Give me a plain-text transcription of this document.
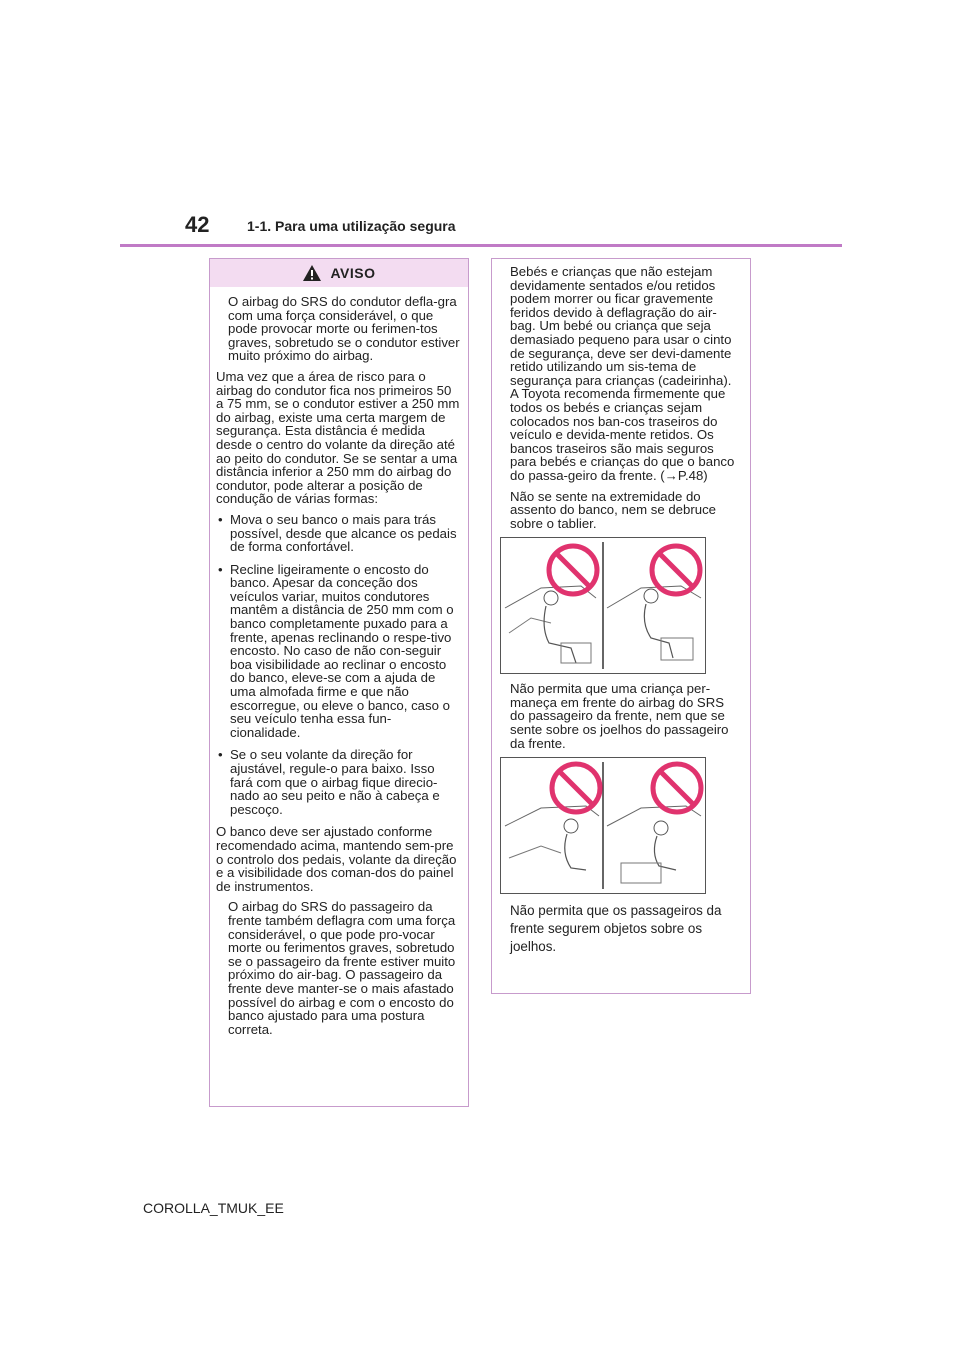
42	1-1. Para uma utilização segura
AVISO

O airbag do SRS do condutor defla-gra com uma força considerável, o que pode provocar morte ou ferimen-tos graves, sobretudo se o condutor estiver muito próximo do airbag.

Uma vez que a área de risco para o airbag do condutor fica nos primeiros 50 a 75 mm, se o condutor estiver a 250 mm do airbag, existe uma certa margem de segurança. Esta distância é medida desde o centro do volante da direção até ao peito do condutor. Se se sentar a uma distância inferior a 250 mm do airbag do condutor, pode alterar a posição de condução de várias formas:

• Mova o seu banco o mais para trás possível, desde que alcance os pedais de forma confortável.
• Recline ligeiramente o encosto do banco. Apesar da conceção dos veículos variar, muitos condutores mantêm a distância de 250 mm com o banco completamente puxado para a frente, apenas reclinando o respe-tivo encosto. No caso de não con-seguir boa visibilidade ao reclinar o encosto do banco, eleve-se com a ajuda de uma almofada firme e que não escorregue, ou eleve o banco, caso o seu veículo tenha essa fun-cionalidade.
• Se o seu volante da direção for ajustável, regule-o para baixo. Isso fará com que o airbag fique direcio-nado ao seu peito e não à cabeça e pescoço.

O banco deve ser ajustado conforme recomendado acima, mantendo sem-pre o controlo dos pedais, volante da direção e a visibilidade dos coman-dos do painel de instrumentos.

O airbag do SRS do passageiro da frente também deflagra com uma força considerável, o que pode pro-vocar morte ou ferimentos graves, sobretudo se o passageiro da frente estiver muito próximo do air-bag. O passageiro da frente deve manter-se o mais afastado possível do airbag e com o encosto do banco ajustado para uma postura correta.

Bebés e crianças que não estejam devidamente sentados e/ou retidos podem morrer ou ficar gravemente feridos devido à deflagração do air-bag. Um bebé ou criança que seja demasiado pequeno para usar o cinto de segurança, deve ser devi-damente retido utilizando um sis-tema de segurança para crianças (cadeirinha). A Toyota recomenda firmemente que todos os bebés e crianças sejam colocados nos ban-cos traseiros do veículo e devida-mente retidos. Os bancos traseiros são mais seguros para bebés e crianças do que o banco do passa-geiro da frente. (→P.48)

Não se sente na extremidade do assento do banco, nem se debruce sobre o tablier.

Não permita que uma criança per-maneça em frente do airbag do SRS do passageiro da frente, nem que se sente sobre os joelhos do passageiro da frente.

Não permita que os passageiros da frente segurem objetos sobre os joelhos.

COROLLA_TMUK_EE
